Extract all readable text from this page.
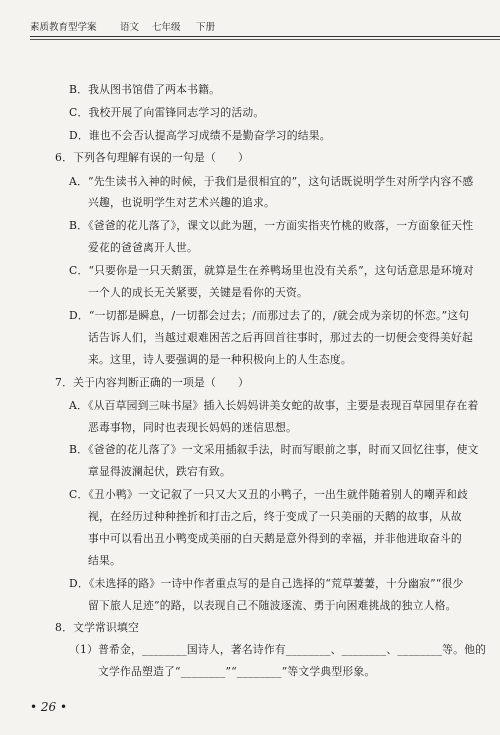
素质教育型学案 语文 七年级 下册
B．我从图书馆借了两本书籍。
C．我校开展了向雷锋同志学习的活动。
D．谁也不会否认提高学习成绩不是勤奋学习的结果。
6．下列各句理解有误的一句是（　　）
A．“先生读书入神的时候，于我们是很相宜的”，这句话既说明学生对所学内容不感
兴趣，也说明学生对艺术兴趣的追求。
B．《爸爸的花儿落了》，课文以此为题，一方面实指夹竹桃的败落，一方面象征天性
爱花的爸爸离开人世。
C．“只要你是一只天鹅蛋，就算是生在养鸭场里也没有关系”，这句话意思是环境对
一个人的成长无关紧要，关键是看你的天资。
D．“一切都是瞬息，/一切都会过去；/而那过去了的，/就会成为亲切的怀恋。”这句
话告诉人们，当越过艰难困苦之后再回首往事时，那过去的一切便会变得美好起
来。这里，诗人要强调的是一种积极向上的人生态度。
7．关于内容判断正确的一项是（　　）
A．《从百草园到三味书屋》插入长妈妈讲美女蛇的故事，主要是表现百草园里存在着
恶毒事物，同时也表现长妈妈的迷信思想。
B．《爸爸的花儿落了》一文采用插叙手法，时而写眼前之事，时而又回忆往事，使文
章显得波澜起伏，跌宕有致。
C．《丑小鸭》一文记叙了一只又大又丑的小鸭子，一出生就伴随着别人的嘲弄和歧
视，在经历过种种挫折和打击之后，终于变成了一只美丽的天鹅的故事，从故
事中可以看出丑小鸭变成美丽的白天鹅是意外得到的幸福，并非他进取奋斗的
结果。
D．《未选择的路》一诗中作者重点写的是自己选择的“荒草萋萋，十分幽寂”“很少
留下旅人足迹”的路，以表现自己不随波逐流、勇于向困难挑战的独立人格。
8．文学常识填空
（1）普希金，________国诗人，著名诗作有________、________、________等。他的
文学作品塑造了“________”“________”等文学典型形象。
• 26 •
